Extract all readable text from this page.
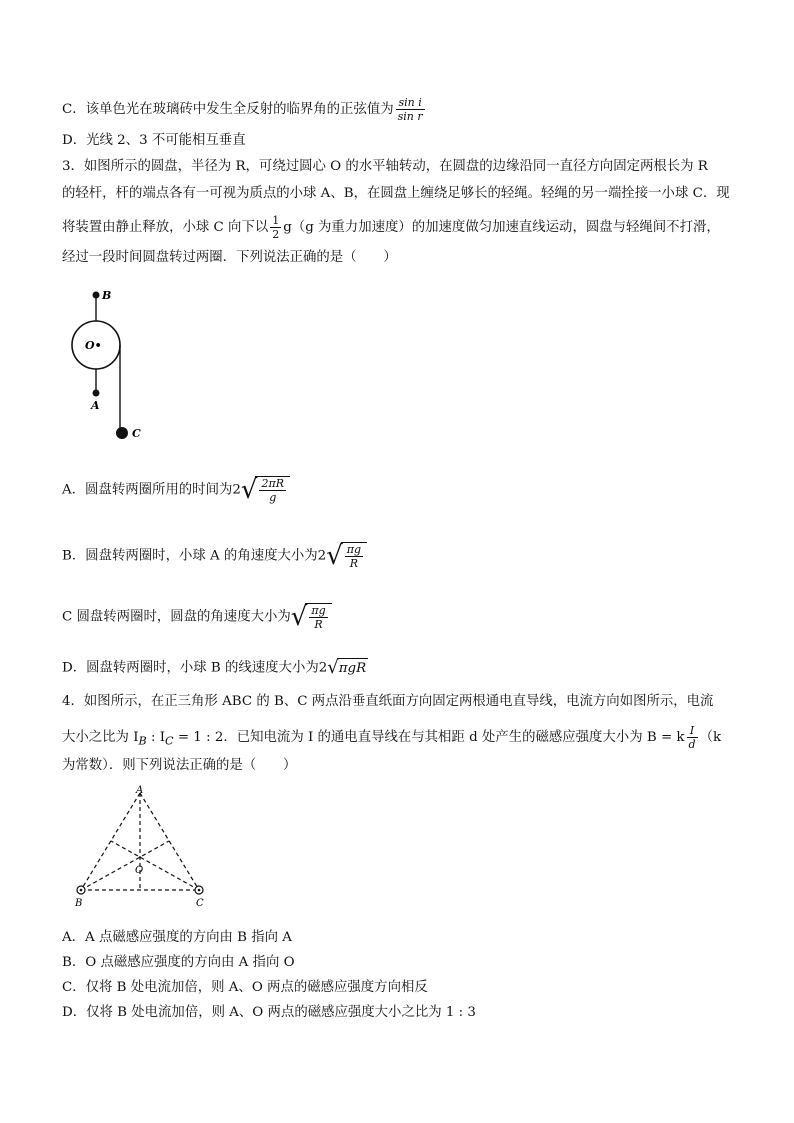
C．该单色光在玻璃砖中发生全反射的临界角的正弦值为 $\frac{\text{sin i}}{\text{sin r}}$
D．光线 2、3 不可能相互垂直
3．如图所示的圆盘，半径为 R，可绕过圆心 O 的水平轴转动，在圆盘的边缘沿同一直径方向固定两根长为 R
的轻杆，杆的端点各有一可视为质点的小球 A、B，在圆盘上缠绕足够长的轻绳。轻绳的另一端拴接一小球 C．现
将装置由静止释放，小球 C 向下以 $\frac{1}{2} g(g$ 为重力加速度）的加速度做匀加速直线运动，圆盘与轻绳间不打滑，
经过一段时间圆盘转过两圈．下列说法正确的是（　　）
B
O•
A
C
A．圆盘转两圈所用的时间为$2√ \frac{2\pi R}{g}$
B．圆盘转两圈时，小球 A 的角速度大小为$2√ \frac{\pi g}{R}$
C 圆盘转两圈时，圆盘的角速度大小为√ $\frac{\pi g}{R}$
D．圆盘转两圈时，小球 B 的线速度大小为2√πgR
4．如图所示，在正三角形 ABC 的 B、C 两点沿垂直纸面方向固定两根通电直导线，电流方向如图所示，电流
大小之比为 $I_B$ : $I_C = 1$ : 2．已知电流为 I 的通电直导线在与其相距 d 处产生的磁感应强度大小为 B = k $\frac{I}{d} (k$
为常数）．则下列说法正确的是（　　）
A
O
B	C
A．A 点磁感应强度的方向由 B 指向 A
B．O 点磁感应强度的方向由 A 指向 O
C．仅将 B 处电流加倍，则 A、O 两点的磁感应强度方向相反
D．仅将 B 处电流加倍，则 A、O 两点的磁感应强度大小之比为 1 : 3
